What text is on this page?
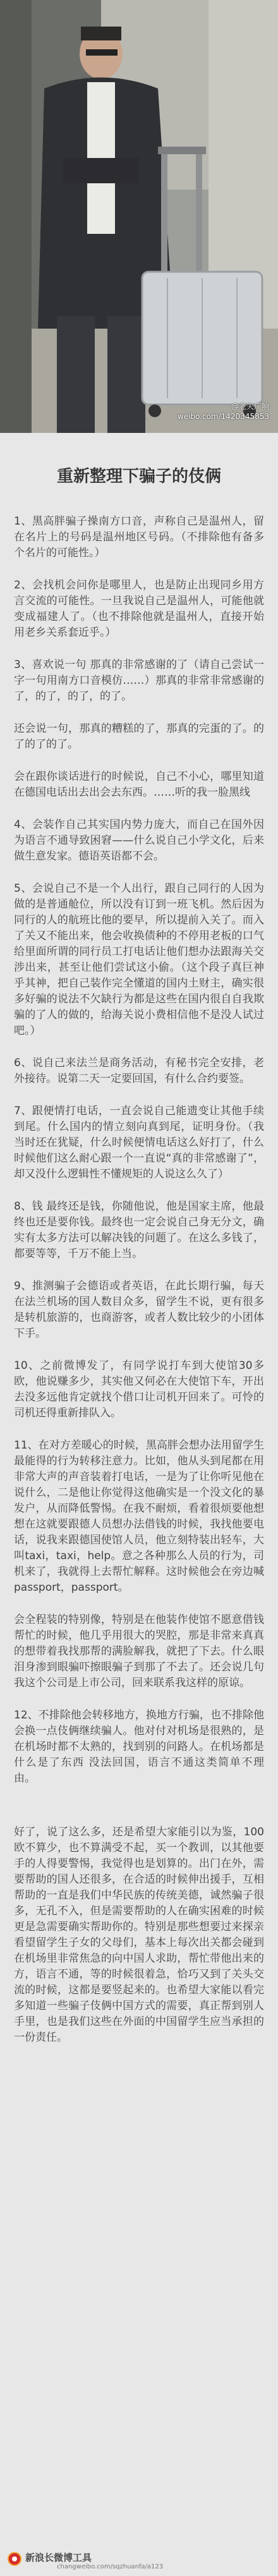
@老夫广响
weibo.com/1420345853
重新整理下骗子的伎俩

1、黑高胖骗子操南方口音，声称自己是温州人，留在名片上的号码是温州地区号码。（不排除他有备多个名片的可能性。）

2、会找机会问你是哪里人，也是防止出现同乡用方言交流的可能性。一旦我说自己是温州人，可能他就变成福建人了。（也不排除他就是温州人，直接开始用老乡关系套近乎。）

3、喜欢说一句 那真的非常感谢的了（请自己尝试一字一句用南方口音模仿……）那真的非常非常感谢的了，的了，的了，的了。

还会说一句，那真的糟糕的了，那真的完蛋的了。的了的了的了。

会在跟你谈话进行的时候说，自己不小心，哪里知道在德国电话出去出会去东西。……听的我一脸黑线

4、会装作自己其实国内势力庞大，而自己在国外因为语言不通导致困窘——什么说自己小学文化，后来做生意发家。德语英语都不会。

5、会说自己不是一个人出行，跟自己同行的人因为做的是普通舱位，所以没有订到一班飞机。然后因为同行的人的航班比他的要早，所以提前入关了。而入了关又不能出来，他会收换债种的不停用老板的口气给里面所谓的同行员工打电话让他们想办法跟海关交涉出来，甚至让他们尝试这小偷。（这个段子真巨神乎其神，把自己装作完全懂道的国内土财主，确实很多好骗的说法不欠缺行为都是这些在国内很自自我欺骗的了人的做的，给海关说小费相信他不是没人试过吧。）

6、说自己来法兰是商务活动，有秘书完全安排，老外接待。说第二天一定要回国，有什么合约要签。

7、跟便情打电话，一直会说自己能遗变让其他手续到尾。什么国内的情立刻向真到尾，证明身份。（我当时还在犹疑，什么时候便情电话这么好打了，什么时候他们这么耐心跟一个一直说“真的非常感谢了”，却又没什么逻辑性不懂规矩的人说这么久了）

8、钱 最终还是钱，你随他说，他是国家主席，他最终也还是要你钱。最终也一定会说自己身无分文，确实有太多方法可以解决钱的问题了。在这么多钱了，都要等等，千万不能上当。

9、推测骗子会德语或者英语，在此长期行骗，每天在法兰机场的国人数目众多，留学生不说，更有很多是转机旅游的，也商游客，或者人数比较少的小团体下手。

10、之前微博发了，有同学说打车到大使馆30多欧，他说赚多少，其实他又何必在大使馆下车，开出去没多远他肯定就找个借口让司机开回来了。可怜的司机还得重新排队入。

11、在对方差暖心的时候，黑高胖会想办法用留学生最能得的行为转移注意力。比如，他从头到尾都在用非常大声的声音装着打电话，一是为了让你听见他在说什么，二是他让你觉得这他确实是一个没文化的暴发户，从而降低警惕。在我不耐烦，看着很烦要他想想在这就要跟德人员想办法借钱的时候，我找他要电话，说我来跟德国使馆人员，他立刻特装出轻车，大叫taxi，taxi，help。意之各种那么人员的行为，司机来了，我就得上去帮忙解释。这时候他会在旁边喊 passport，passport。

会全程装的特别像，特别是在他装作使馆不愿意借钱帮忙的时候，他几乎用很大的哭腔，那是非常来真真的想带着我找那帮的满脸解我，就把了下去。什么眼泪身渗到眼骗吓擦眼骗子到那了不去了。还会说几句我这个公司是上市公司，回来联系我这样的原谅。

12、不排除他会转移地方，换地方行骗，也不排除他会换一点伎俩继续骗人。他对付对机场是很熟的，是在机场时都不太熟的，找到别的问路人。在机场都是什么是了东西 没法回国，语言不通这类简单不理由。

好了，说了这么多，还是希望大家能引以为鉴，100欧不算少，也不算满受不起，买一个教训，以其他要手的人得要警惕，我觉得也是划算的。出门在外，需要帮助的国人还很多，在合适的时候伸出援手，互相帮助的一直是我们中华民族的传统美德，诚然骗子很多，无孔不入，但是需要帮助的人在确实困难的时候更是急需要确实帮助你的。特别是那些想要过来探亲看望留学生子女的父母们，基本上每次出关都会碰到在机场里非常焦急的向中国人求助，帮忙带他出来的方，语言不通，等的时候很着急，恰巧又到了关头交流的时候，这都是要竖起来的。也希望大家能以看完多知道一些骗子伎俩中国方式的需要，真正帮到别人手里，也是我们这些在外面的中国留学生应当承担的一份责任。

新浪长微博工具
changweibo.com/sqzhuanfa/a123
